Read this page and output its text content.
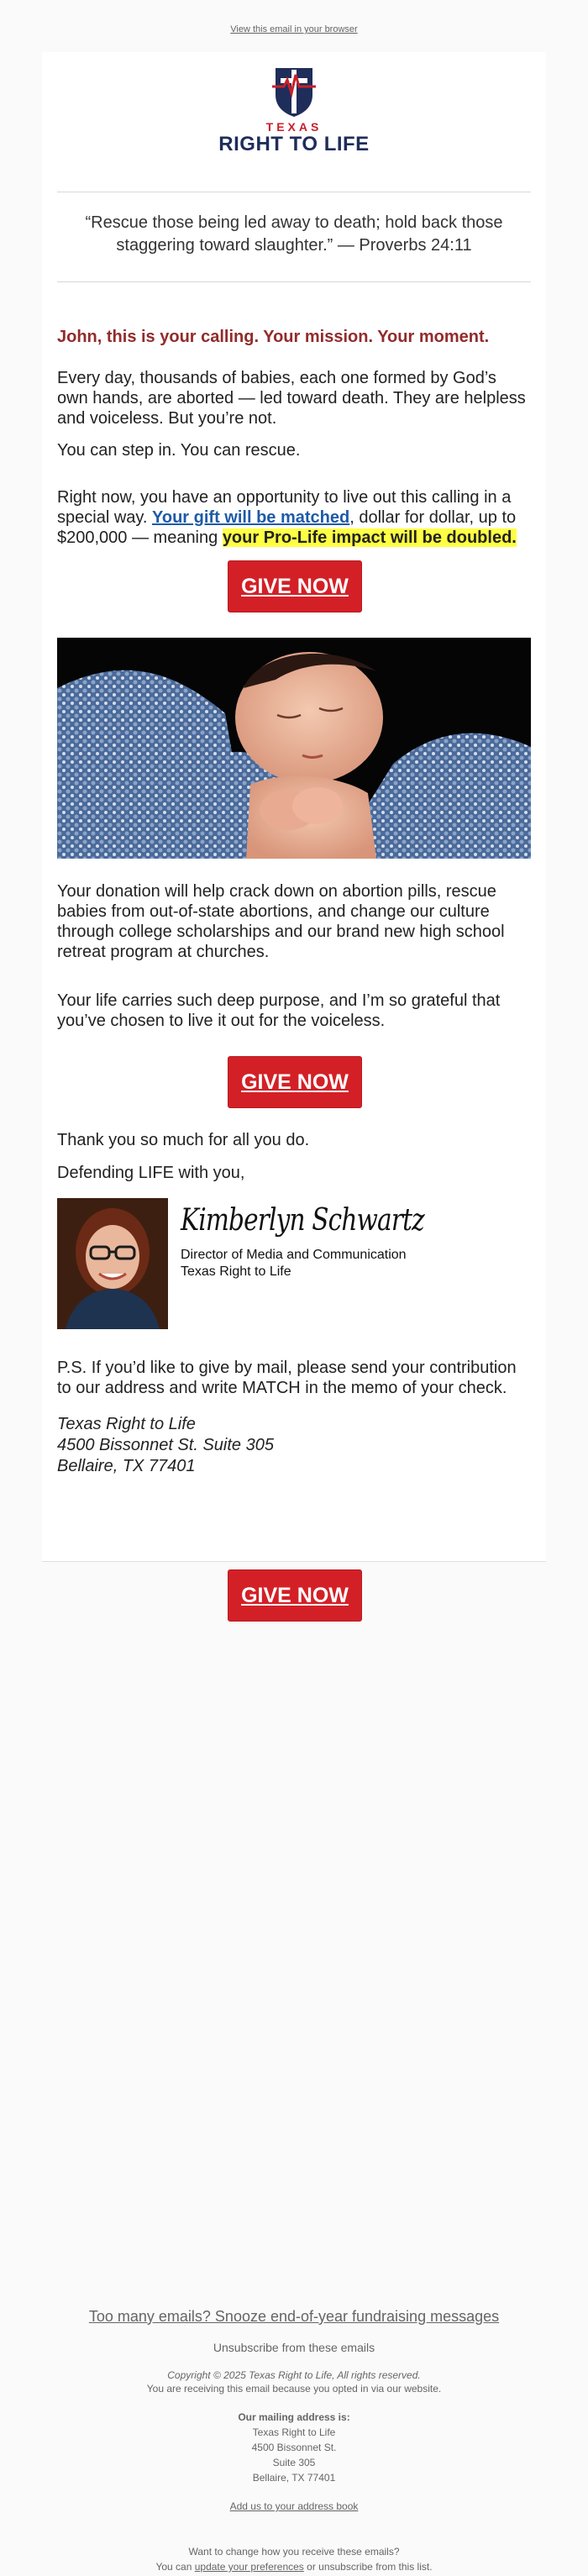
View this email in your browser
TEXAS
RIGHT TO LIFE
“Rescue those being led away to death; hold back those staggering toward slaughter.” — Proverbs 24:11
John, this is your calling. Your mission. Your moment.
Every day, thousands of babies, each one formed by God’s own hands, are aborted — led toward death. They are helpless and voiceless. But you’re not.
You can step in. You can rescue.
Right now, you have an opportunity to live out this calling in a special way. Your gift will be matched, dollar for dollar, up to $200,000 — meaning your Pro-Life impact will be doubled.
GIVE NOW
Your donation will help crack down on abortion pills, rescue babies from out-of-state abortions, and change our culture through college scholarships and our brand new high school retreat program at churches.
Your life carries such deep purpose, and I’m so grateful that you’ve chosen to live it out for the voiceless.
GIVE NOW
Thank you so much for all you do.
Defending LIFE with you,
Kimberlyn Schwartz
Director of Media and Communication
Texas Right to Life
P.S. If you’d like to give by mail, please send your contribution to our address and write MATCH in the memo of your check.
Texas Right to Life
4500 Bissonnet St. Suite 305
Bellaire, TX 77401
GIVE NOW
Too many emails? Snooze end-of-year fundraising messages
Unsubscribe from these emails
Copyright © 2025 Texas Right to Life, All rights reserved.
You are receiving this email because you opted in via our website.
Our mailing address is:
Texas Right to Life
4500 Bissonnet St.
Suite 305
Bellaire, TX 77401
Add us to your address book
Want to change how you receive these emails?
You can update your preferences or unsubscribe from this list.
